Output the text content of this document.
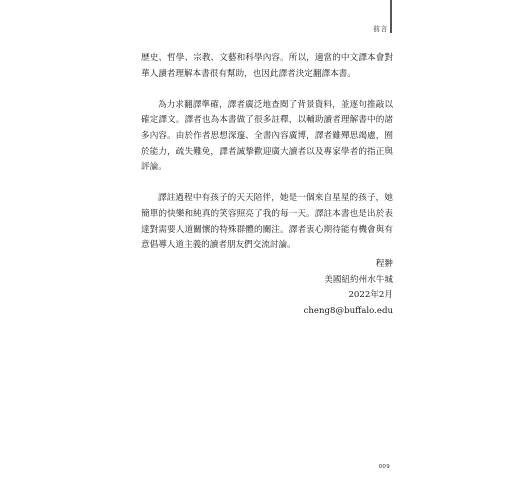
前言

歷史、哲學、宗教、文藝和科學內容。所以，適當的中文譯本會對華人讀者理解本書很有幫助，也因此譯者決定翻譯本書。

為力求翻譯準確，譯者廣泛地查閱了背景資料，並逐句推敲以確定譯文。譯者也為本書做了很多註釋，以輔助讀者理解書中的諸多內容。由於作者思想深邃、全書內容廣博，譯者雖殫思竭慮，囿於能力，疏失難免，譯者誠摯歡迎廣大讀者以及專家學者的指正與評論。

譯註過程中有孩子的天天陪伴，她是一個來自星星的孩子，她簡單的快樂和純真的笑容照亮了我的每一天。譯註本書也是出於表達對需要人道關懷的特殊群體的關注。譯者衷心期待能有機會與有意倡導人道主義的讀者朋友們交流討論。

程翀
美國紐約州水牛城
2022年2月
cheng8@buffalo.edu
009
